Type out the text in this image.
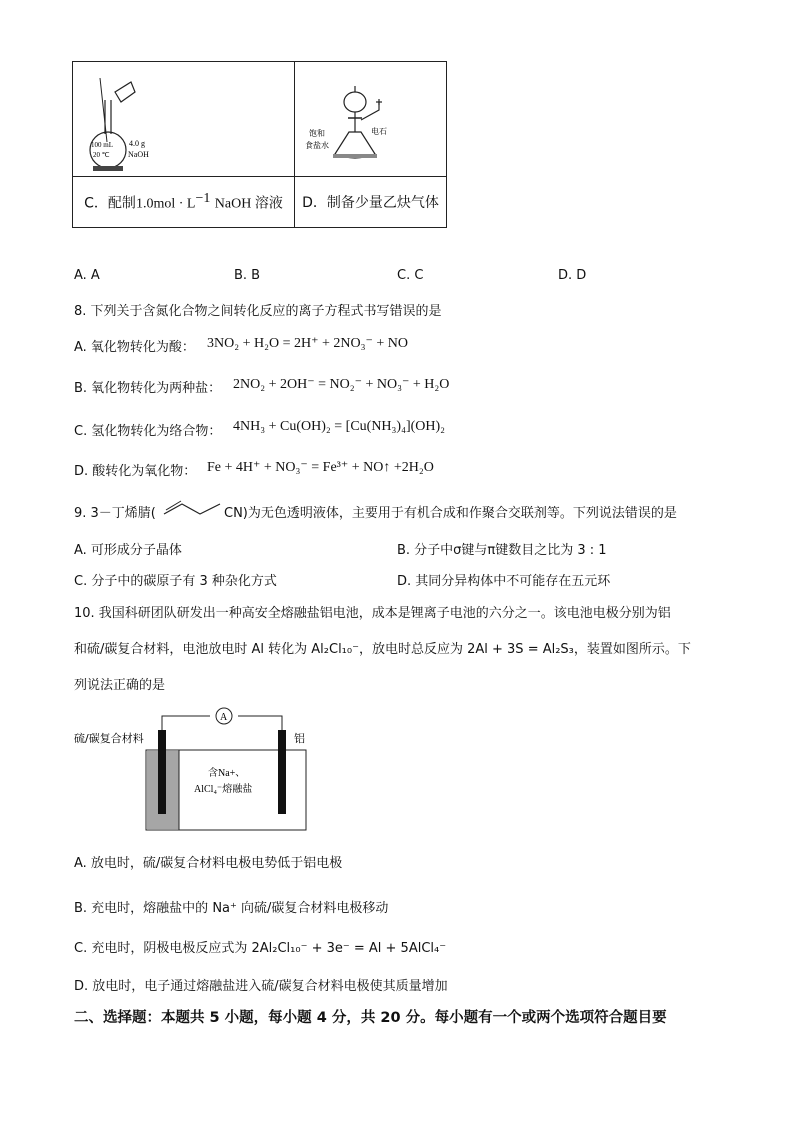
100 mL
20 ℃
4.0 g
NaOH	饱和
食盐水
电石

C．配制$1.0mol \cdot L^{-1}$ NaOH 溶液	D．制备少量乙炔气体
A. A	B. B	C. C	D. D
8. 下列关于含氮化合物之间转化反应的离子方程式书写错误的是
A. 氧化物转化为酸： 3NO₂ + H₂O = 2H⁺ + 2NO₃⁻ + NO
B. 氧化物转化为两种盐： 2NO₂ + 2OH⁻ = NO₂⁻ + NO₃⁻ + H₂O
C. 氢化物转化为络合物： 4NH₃ + Cu(OH)₂ = [Cu(NH₃)₄](OH)₂
D. 酸转化为氧化物： Fe + 4H⁺ + NO₃⁻ = Fe³⁺ + NO↑ +2H₂O
9. 3－丁烯腈(	CN)为无色透明液体，主要用于有机合成和作聚合交联剂等。下列说法错误的是
A. 可形成分子晶体	B. 分子中σ键与π键数目之比为 3 : 1
C. 分子中的碳原子有 3 种杂化方式	D. 其同分异构体中不可能存在五元环
10. 我国科研团队研发出一种高安全熔融盐铝电池，成本是锂离子电池的六分之一。该电池电极分别为铝
和硫/碳复合材料，电池放电时 Al 转化为 Al₂Cl₁₀⁻，放电时总反应为 2Al + 3S = Al₂S₃，装置如图所示。下
列说法正确的是
A
硫/碳复合材料	铝
含Na+、
AlCl₄⁻熔融盐
A. 放电时，硫/碳复合材料电极电势低于铝电极
B. 充电时，熔融盐中的 Na⁺ 向硫/碳复合材料电极移动
C. 充电时，阴极电极反应式为 2Al₂Cl₁₀⁻ + 3e⁻ = Al + 5AlCl₄⁻
D. 放电时，电子通过熔融盐进入硫/碳复合材料电极使其质量增加
二、选择题：本题共 5 小题，每小题 4 分，共 20 分。每小题有一个或两个选项符合题目要
